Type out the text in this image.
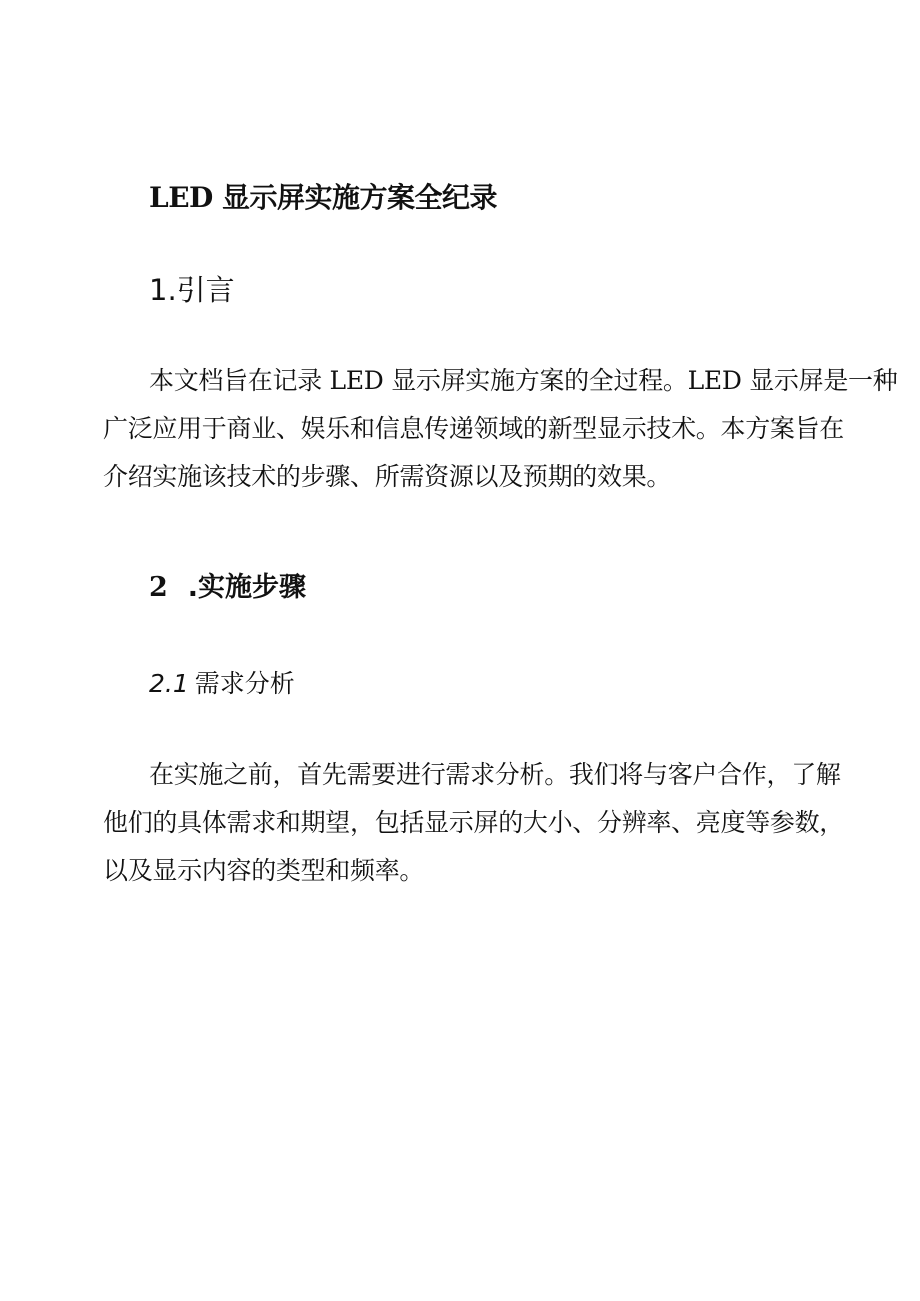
LED 显示屏实施方案全纪录
1.引言

本文档旨在记录 LED 显示屏实施方案的全过程。LED 显示屏是一种
广泛应用于商业、娱乐和信息传递领域的新型显示技术。本方案旨在
介绍实施该技术的步骤、所需资源以及预期的效果。

2 .实施步骤
2.1 需求分析

在实施之前，首先需要进行需求分析。我们将与客户合作，了解
他们的具体需求和期望，包括显示屏的大小、分辨率、亮度等参数，
以及显示内容的类型和频率。
